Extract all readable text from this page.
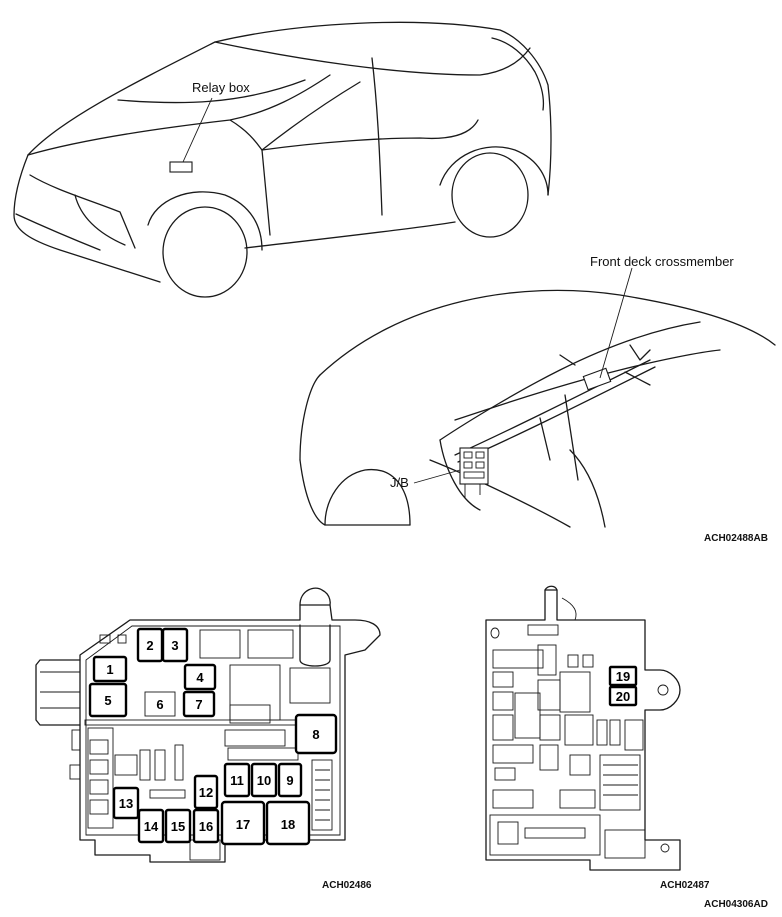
Relay box
Front deck crossmember
J/B
ACH02488AB
1
2 3
4
5	6 7
8
9
10
11
12
13
14 15 16 17 18
ACH02486
19
20
ACH02487
ACH04306AD
